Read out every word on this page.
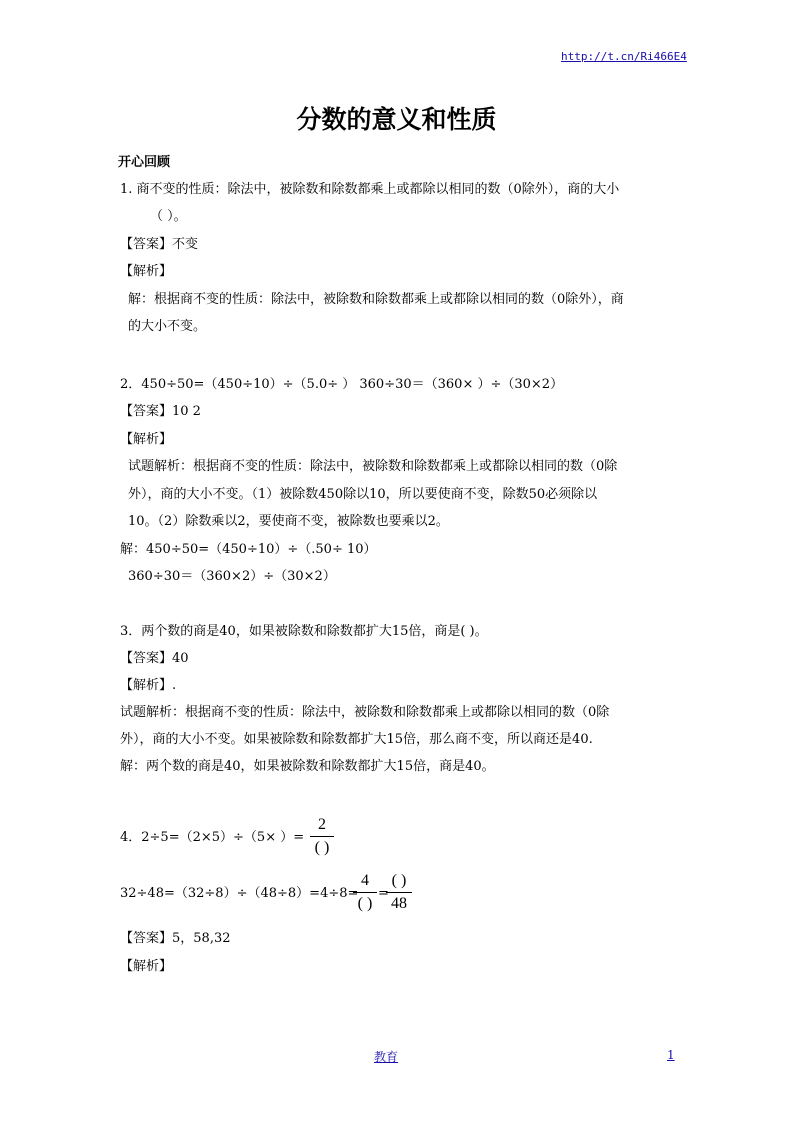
http://t.cn/Ri466E4
分数的意义和性质
开心回顾
1. 商不变的性质：除法中，被除数和除数都乘上或都除以相同的数（0除外），商的大小
（ ）。
【答案】不变
【解析】
解：根据商不变的性质：除法中，被除数和除数都乘上或都除以相同的数（0除外），商
的大小不变。
2．450÷50=（450÷10）÷（5.0÷ ） 360÷30＝（360× ）÷（30×2）
【答案】10 2
【解析】
试题解析：根据商不变的性质：除法中，被除数和除数都乘上或都除以相同的数（0除
外），商的大小不变。（1）被除数450除以10，所以要使商不变，除数50必须除以
10。（2）除数乘以2，要使商不变，被除数也要乘以2。
解：450÷50=（450÷10）÷（.50÷ 10）
360÷30＝（360×2）÷（30×2）
3．两个数的商是40，如果被除数和除数都扩大15倍，商是( )。
【答案】40
【解析】.
试题解析：根据商不变的性质：除法中，被除数和除数都乘上或都除以相同的数（0除
外），商的大小不变。如果被除数和除数都扩大15倍，那么商不变，所以商还是40.
解：两个数的商是40，如果被除数和除数都扩大15倍，商是40。
4．2÷5=（2×5）÷（5× ）=
2
( )
32÷48=（32÷8）÷（48÷8）=4÷8=
4
( )
=
( )
48
【答案】5，58,32
【解析】
教育	1
